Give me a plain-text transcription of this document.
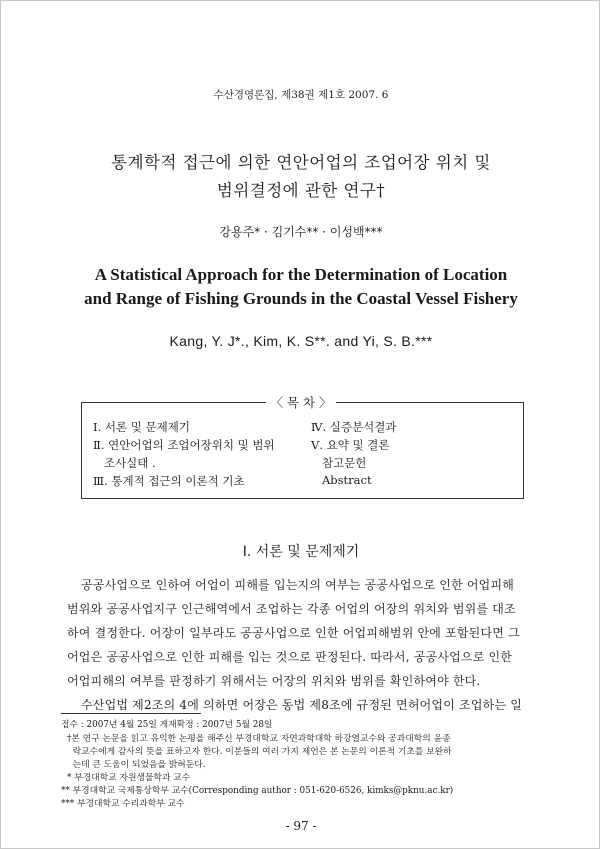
수산경영론집, 제38권 제1호 2007. 6
통계학적 접근에 의한 연안어업의 조업어장 위치 및
범위결정에 관한 연구†
강용주* · 김기수** · 이성백***
A Statistical Approach for the Determination of Location
and Range of Fishing Grounds in the Coastal Vessel Fishery
Kang, Y. J*., Kim, K. S**. and Yi, S. B.***
〈 목 차 〉
Ⅰ. 서론 및 문제제기
Ⅱ. 연안어업의 조업어장위치 및 범위
조사실태 .
Ⅲ. 통계적 접근의 이론적 기초
Ⅳ. 실증분석결과
Ⅴ. 요약 및 결론
참고문헌
Abstract
Ⅰ. 서론 및 문제제기
공공사업으로 인하여 어업이 피해를 입는지의 여부는 공공사업으로 인한 어업피해
범위와 공공사업지구 인근해역에서 조업하는 각종 어업의 어장의 위치와 범위를 대조
하여 결정한다. 어장이 일부라도 공공사업으로 인한 어업피해범위 안에 포함된다면 그
어업은 공공사업으로 인한 피해를 입는 것으로 판정된다. 따라서, 공공사업으로 인한
어업피해의 여부를 판정하기 위해서는 어장의 위치와 범위를 확인하여야 한다.
수산업법 제2조의 4에 의하면 어장은 동법 제8조에 규정된 면허어업이 조업하는 일
접수 : 2007년 4월 25일 게재확정 : 2007년 5월 28일
†본 연구 논문을 읽고 유익한 논평을 해주신 부경대학교 자연과학대학 하강열교수와 공과대학의 윤종
락교수에게 감사의 뜻을 표하고자 한다. 이분들의 여러 가지 제언은 본 논문의 이론적 기초를 보완하
는데 큰 도움이 되었음을 밝혀둔다.
* 부경대학교 자원생물학과 교수
** 부경대학교 국제통상학부 교수(Corresponding author : 051-620-6526, kimks@pknu.ac.kr)
*** 부경대학교 수리과학부 교수
- 97 -
